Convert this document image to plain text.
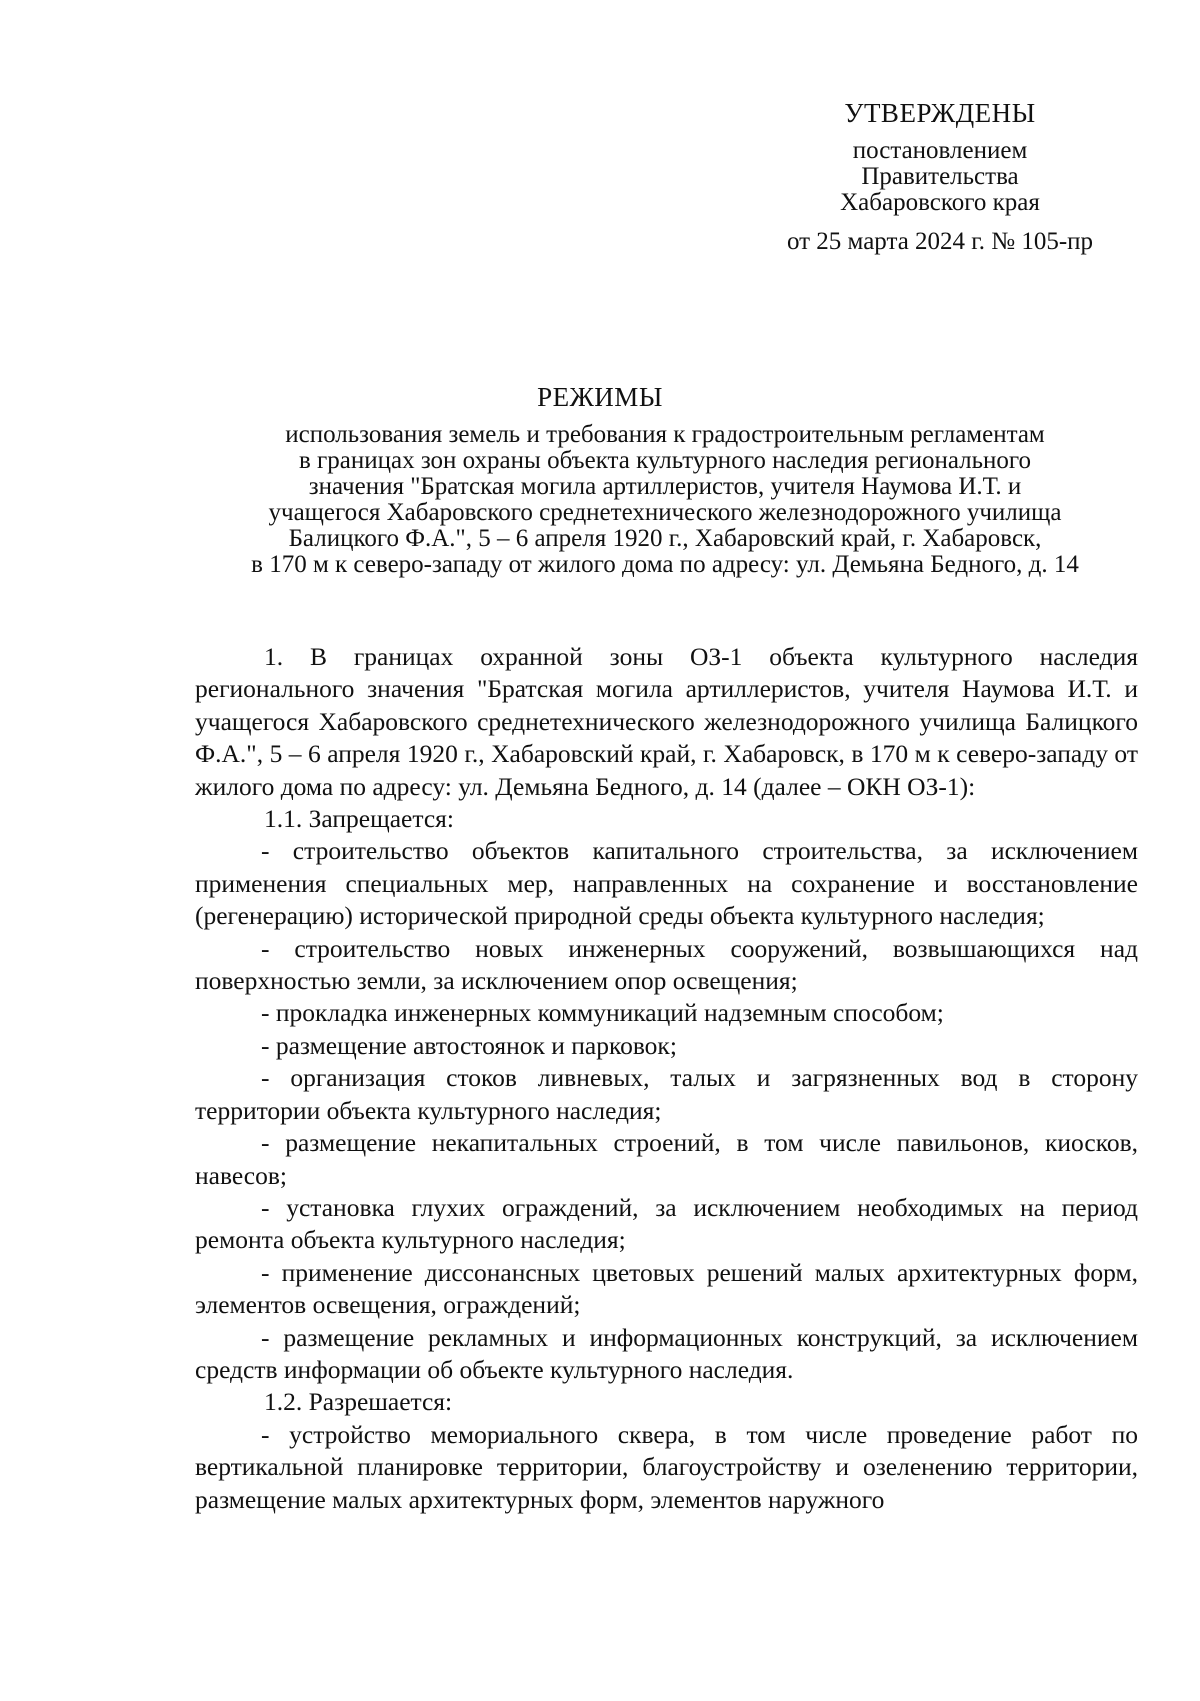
УТВЕРЖДЕНЫ
постановлением
Правительства
Хабаровского края
от 25 марта 2024 г. № 105-пр
РЕЖИМЫ
использования земель и требования к градостроительным регламентам
в границах зон охраны объекта культурного наследия регионального
значения "Братская могила артиллеристов, учителя Наумова И.Т. и
учащегося Хабаровского среднетехнического железнодорожного училища
Балицкого Ф.А.", 5 – 6 апреля 1920 г., Хабаровский край, г. Хабаровск,
в 170 м к северо-западу от жилого дома по адресу: ул. Демьяна Бедного, д. 14

1. В границах охранной зоны ОЗ-1 объекта культурного наследия регионального значения "Братская могила артиллеристов, учителя Наумова И.Т. и учащегося Хабаровского среднетехнического железнодорожного училища Балицкого Ф.А.", 5 – 6 апреля 1920 г., Хабаровский край, г. Хабаровск, в 170 м к северо-западу от жилого дома по адресу: ул. Демьяна Бедного, д. 14 (далее – ОКН ОЗ-1):

1.1. Запрещается:

- строительство объектов капитального строительства, за исключением применения специальных мер, направленных на сохранение и восстановление (регенерацию) исторической природной среды объекта культурного наследия;

- строительство новых инженерных сооружений, возвышающихся над поверхностью земли, за исключением опор освещения;

- прокладка инженерных коммуникаций надземным способом;

- размещение автостоянок и парковок;

- организация стоков ливневых, талых и загрязненных вод в сторону территории объекта культурного наследия;

- размещение некапитальных строений, в том числе павильонов, киосков, навесов;

- установка глухих ограждений, за исключением необходимых на период ремонта объекта культурного наследия;

- применение диссонансных цветовых решений малых архитектурных форм, элементов освещения, ограждений;

- размещение рекламных и информационных конструкций, за исключением средств информации об объекте культурного наследия.

1.2. Разрешается:

- устройство мемориального сквера, в том числе проведение работ по вертикальной планировке территории, благоустройству и озеленению территории, размещение малых архитектурных форм, элементов наружного
